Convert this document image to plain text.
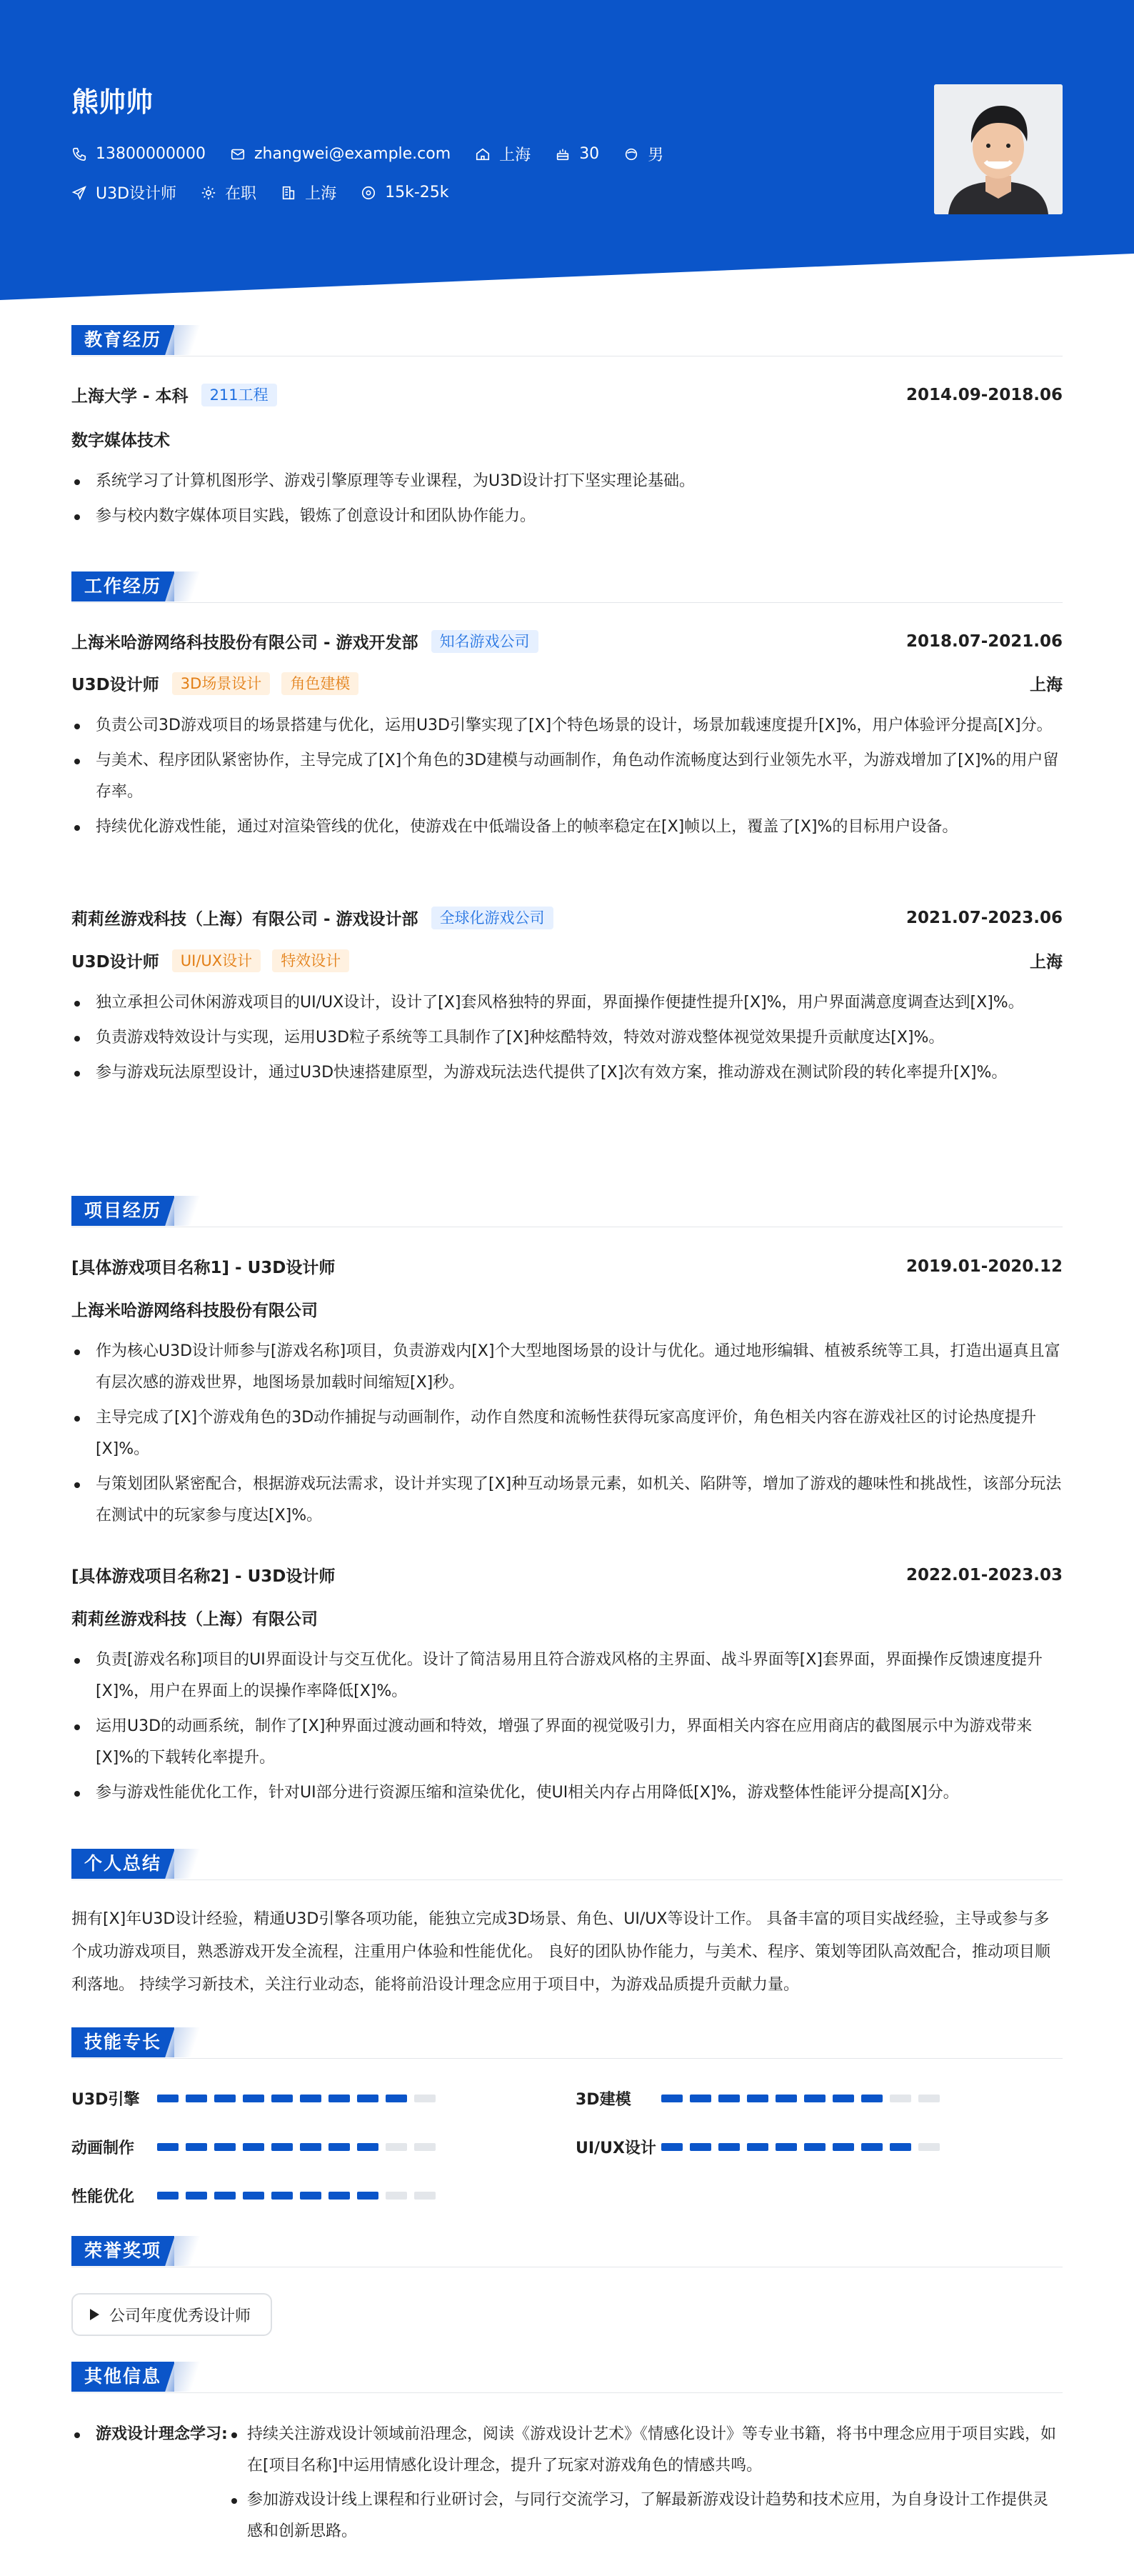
熊帅帅
13800000000	zhangwei@example.com	上海	30	男
U3D设计师	在职	上海	15k-25k
教育经历
上海大学 - 本科	211工程	2014.09-2018.06
数字媒体技术
系统学习了计算机图形学、游戏引擎原理等专业课程，为U3D设计打下坚实理论基础。
参与校内数字媒体项目实践，锻炼了创意设计和团队协作能力。
工作经历
上海米哈游网络科技股份有限公司 - 游戏开发部	知名游戏公司	2018.07-2021.06
U3D设计师	3D场景设计	角色建模	上海
负责公司3D游戏项目的场景搭建与优化，运用U3D引擎实现了[X]个特色场景的设计，场景加载速度提升[X]%，用户体验评分提高[X]分。
与美术、程序团队紧密协作，主导完成了[X]个角色的3D建模与动画制作，角色动作流畅度达到行业领先水平，为游戏增加了[X]%的用户留存率。
持续优化游戏性能，通过对渲染管线的优化，使游戏在中低端设备上的帧率稳定在[X]帧以上，覆盖了[X]%的目标用户设备。
莉莉丝游戏科技（上海）有限公司 - 游戏设计部	全球化游戏公司	2021.07-2023.06
U3D设计师	UI/UX设计	特效设计	上海
独立承担公司休闲游戏项目的UI/UX设计，设计了[X]套风格独特的界面，界面操作便捷性提升[X]%，用户界面满意度调查达到[X]%。
负责游戏特效设计与实现，运用U3D粒子系统等工具制作了[X]种炫酷特效，特效对游戏整体视觉效果提升贡献度达[X]%。
参与游戏玩法原型设计，通过U3D快速搭建原型，为游戏玩法迭代提供了[X]次有效方案，推动游戏在测试阶段的转化率提升[X]%。
项目经历
[具体游戏项目名称1] - U3D设计师	2019.01-2020.12
上海米哈游网络科技股份有限公司
作为核心U3D设计师参与[游戏名称]项目，负责游戏内[X]个大型地图场景的设计与优化。通过地形编辑、植被系统等工具，打造出逼真且富有层次感的游戏世界，地图场景加载时间缩短[X]秒。
主导完成了[X]个游戏角色的3D动作捕捉与动画制作，动作自然度和流畅性获得玩家高度评价，角色相关内容在游戏社区的讨论热度提升[X]%。
与策划团队紧密配合，根据游戏玩法需求，设计并实现了[X]种互动场景元素，如机关、陷阱等，增加了游戏的趣味性和挑战性，该部分玩法在测试中的玩家参与度达[X]%。
[具体游戏项目名称2] - U3D设计师	2022.01-2023.03
莉莉丝游戏科技（上海）有限公司
负责[游戏名称]项目的UI界面设计与交互优化。设计了简洁易用且符合游戏风格的主界面、战斗界面等[X]套界面，界面操作反馈速度提升[X]%，用户在界面上的误操作率降低[X]%。
运用U3D的动画系统，制作了[X]种界面过渡动画和特效，增强了界面的视觉吸引力，界面相关内容在应用商店的截图展示中为游戏带来[X]%的下载转化率提升。
参与游戏性能优化工作，针对UI部分进行资源压缩和渲染优化，使UI相关内存占用降低[X]%，游戏整体性能评分提高[X]分。
个人总结
拥有[X]年U3D设计经验，精通U3D引擎各项功能，能独立完成3D场景、角色、UI/UX等设计工作。 具备丰富的项目实战经验，主导或参与多个成功游戏项目，熟悉游戏开发全流程，注重用户体验和性能优化。 良好的团队协作能力，与美术、程序、策划等团队高效配合，推动项目顺利落地。 持续学习新技术，关注行业动态，能将前沿设计理念应用于项目中，为游戏品质提升贡献力量。
技能专长
U3D引擎	3D建模
动画制作	UI/UX设计
性能优化
荣誉奖项
公司年度优秀设计师
其他信息
游戏设计理念学习: 持续关注游戏设计领域前沿理念，阅读《游戏设计艺术》《情感化设计》等专业书籍，将书中理念应用于项目实践，如在[项目名称]中运用情感化设计理念，提升了玩家对游戏角色的情感共鸣。
参加游戏设计线上课程和行业研讨会，与同行交流学习，了解最新游戏设计趋势和技术应用，为自身设计工作提供灵感和创新思路。
